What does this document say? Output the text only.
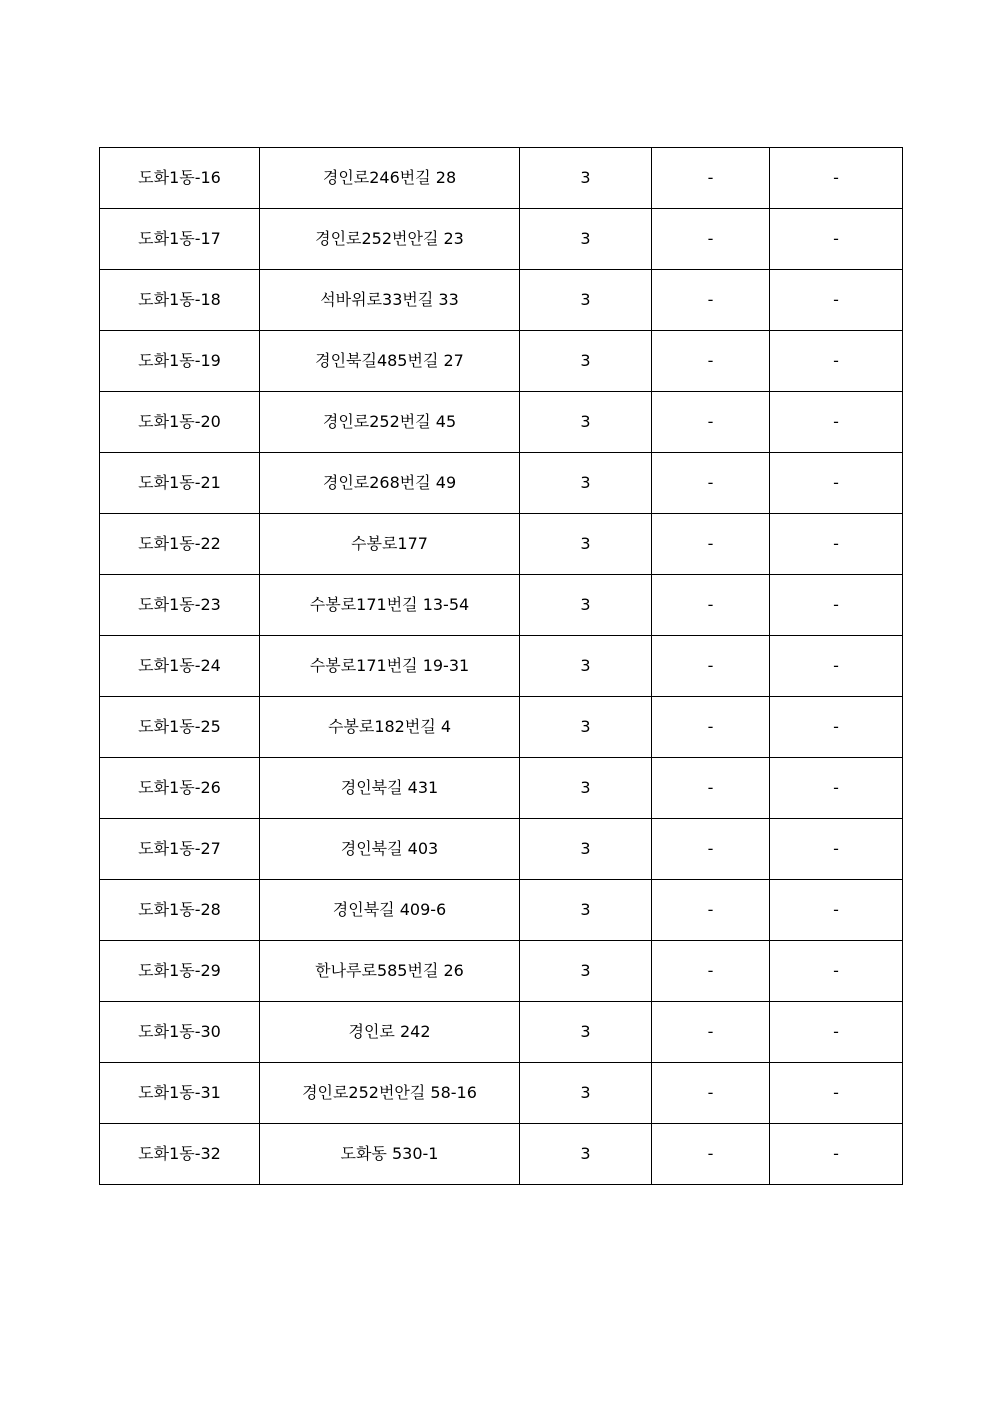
도화1동-16	경인로246번길 28	3	-	-
도화1동-17	경인로252번안길 23	3	-	-
도화1동-18	석바위로33번길 33	3	-	-
도화1동-19	경인북길485번길 27	3	-	-
도화1동-20	경인로252번길 45	3	-	-
도화1동-21	경인로268번길 49	3	-	-
도화1동-22	수봉로177	3	-	-
도화1동-23	수봉로171번길 13-54	3	-	-
도화1동-24	수봉로171번길 19-31	3	-	-
도화1동-25	수봉로182번길 4	3	-	-
도화1동-26	경인북길 431	3	-	-
도화1동-27	경인북길 403	3	-	-
도화1동-28	경인북길 409-6	3	-	-
도화1동-29	한나루로585번길 26	3	-	-
도화1동-30	경인로 242	3	-	-
도화1동-31	경인로252번안길 58-16	3	-	-
도화1동-32	도화동 530-1	3	-	-
